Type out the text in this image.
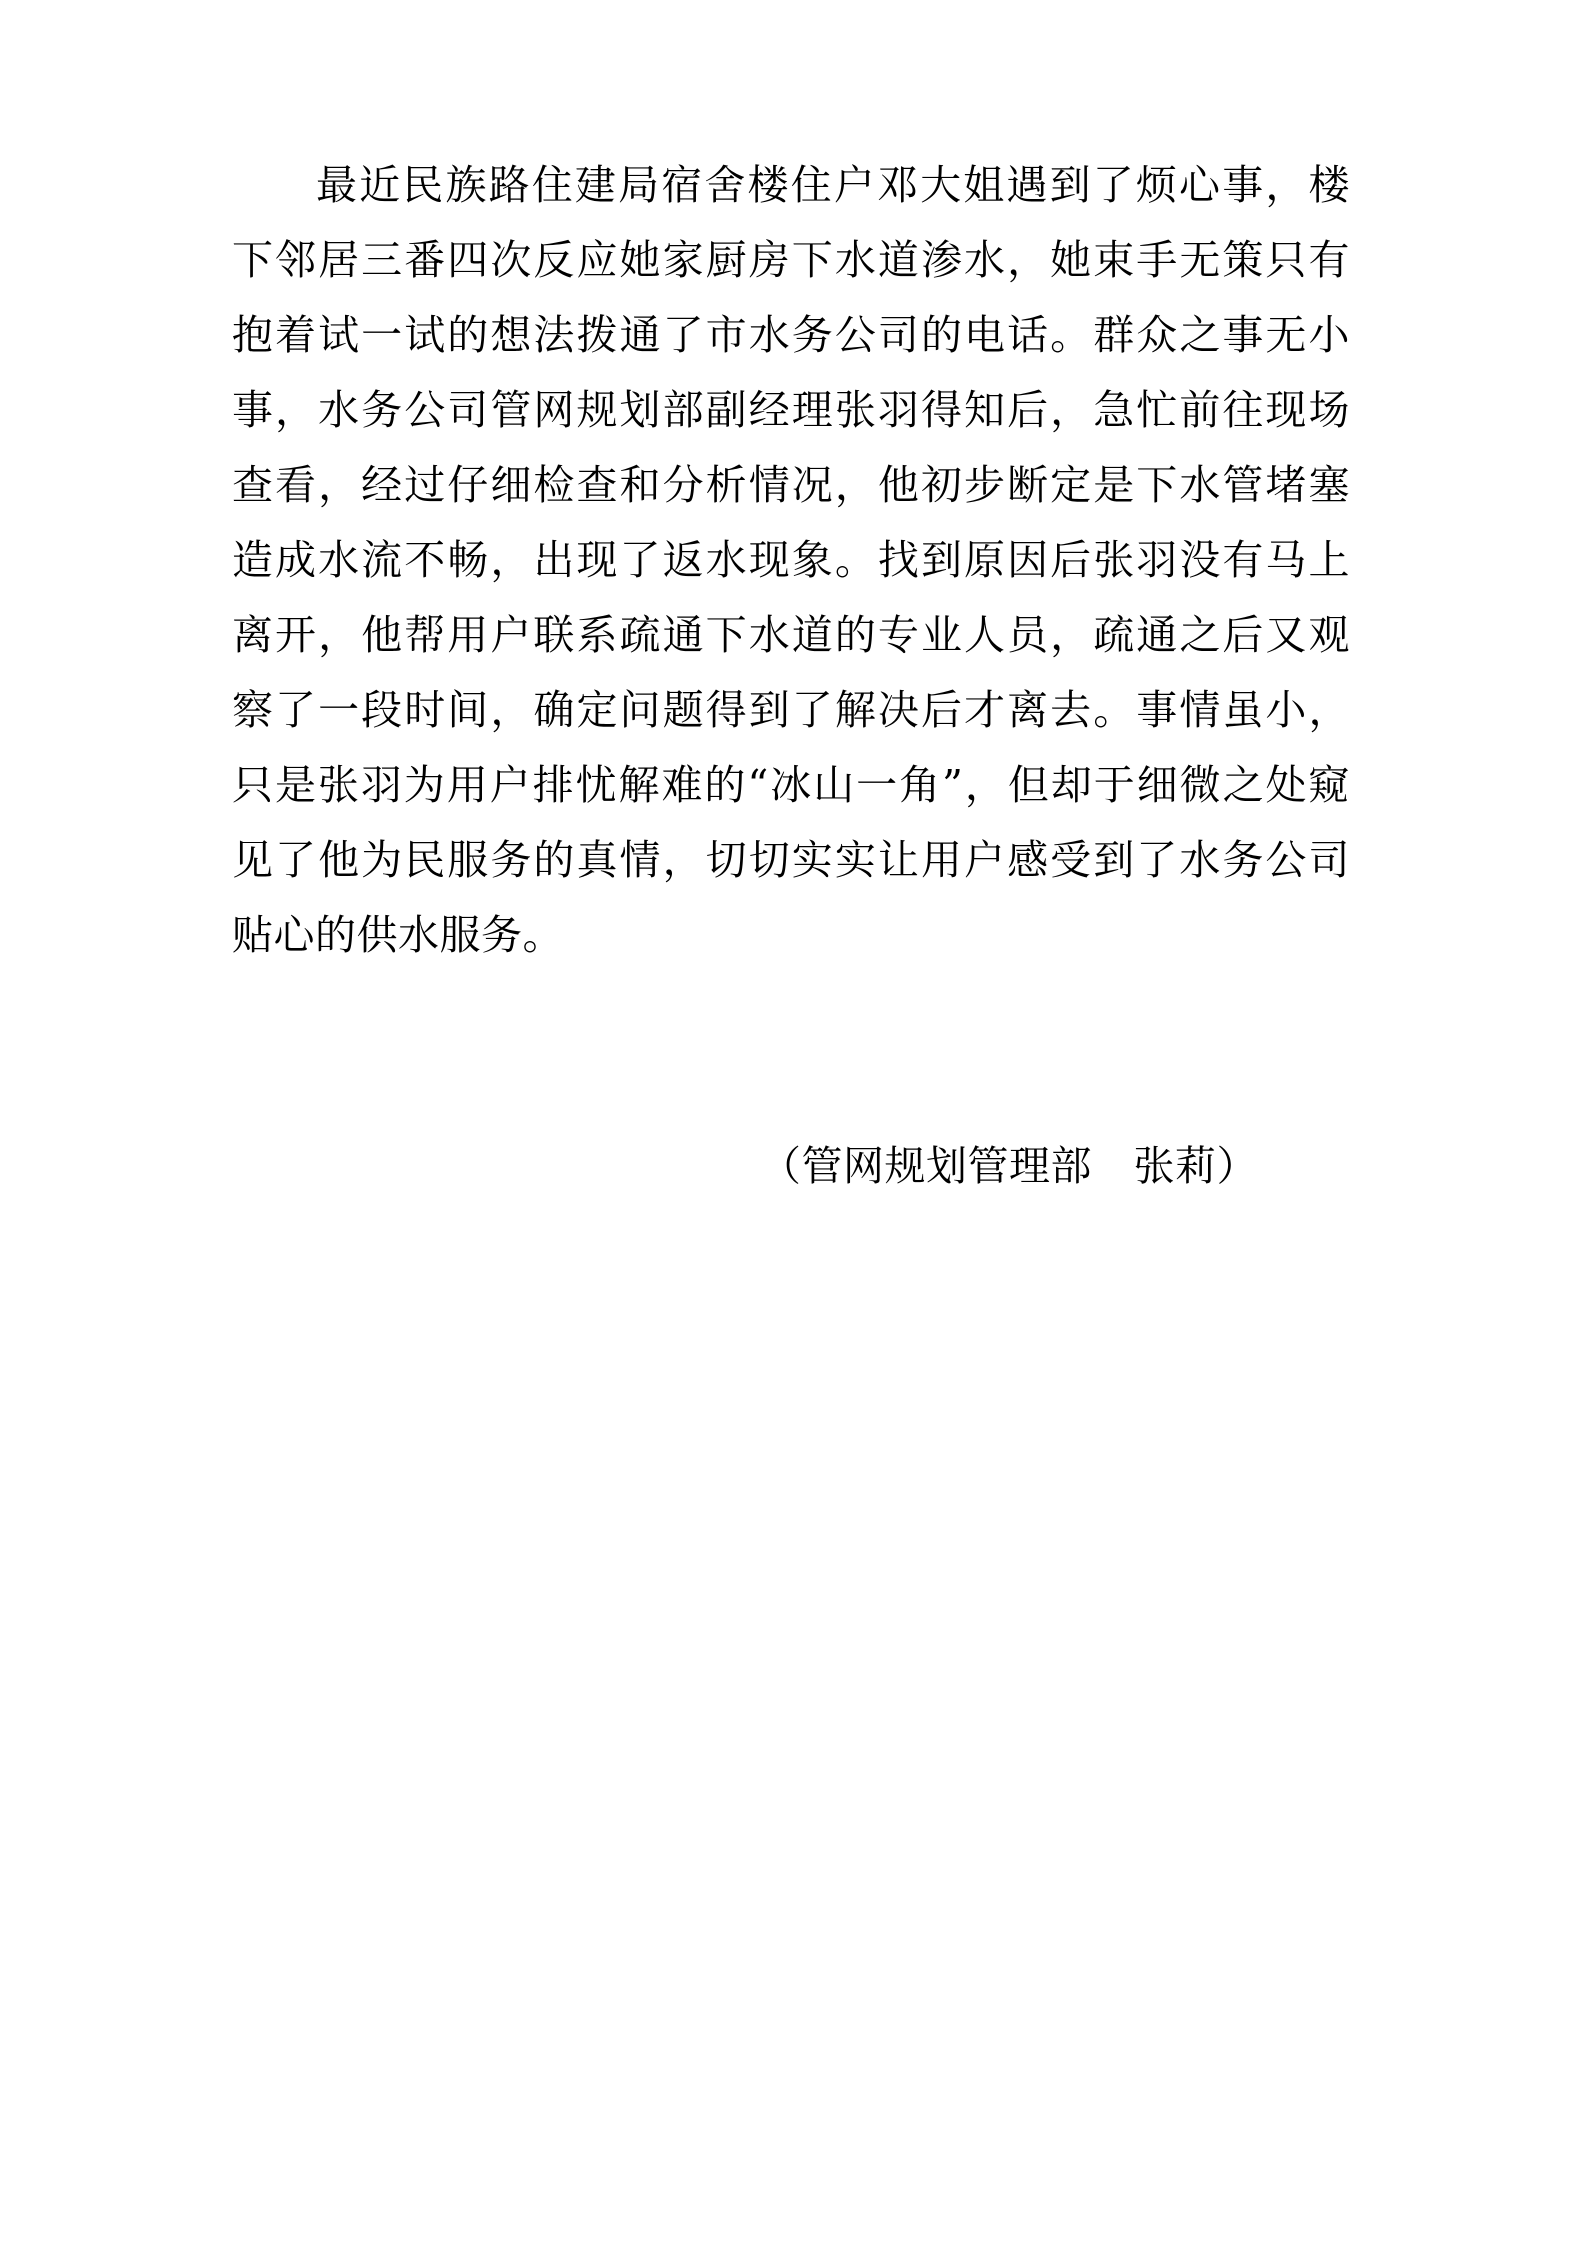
最近民族路住建局宿舍楼住户邓大姐遇到了烦心事，楼下邻居三番四次反应她家厨房下水道渗水，她束手无策只有抱着试一试的想法拨通了市水务公司的电话。群众之事无小事，水务公司管网规划部副经理张羽得知后，急忙前往现场查看，经过仔细检查和分析情况，他初步断定是下水管堵塞造成水流不畅，出现了返水现象。找到原因后张羽没有马上离开，他帮用户联系疏通下水道的专业人员，疏通之后又观察了一段时间，确定问题得到了解决后才离去。事情虽小，只是张羽为用户排忧解难的“冰山一角”，但却于细微之处窥见了他为民服务的真情，切切实实让用户感受到了水务公司贴心的供水服务。

（管网规划管理部　张莉）
